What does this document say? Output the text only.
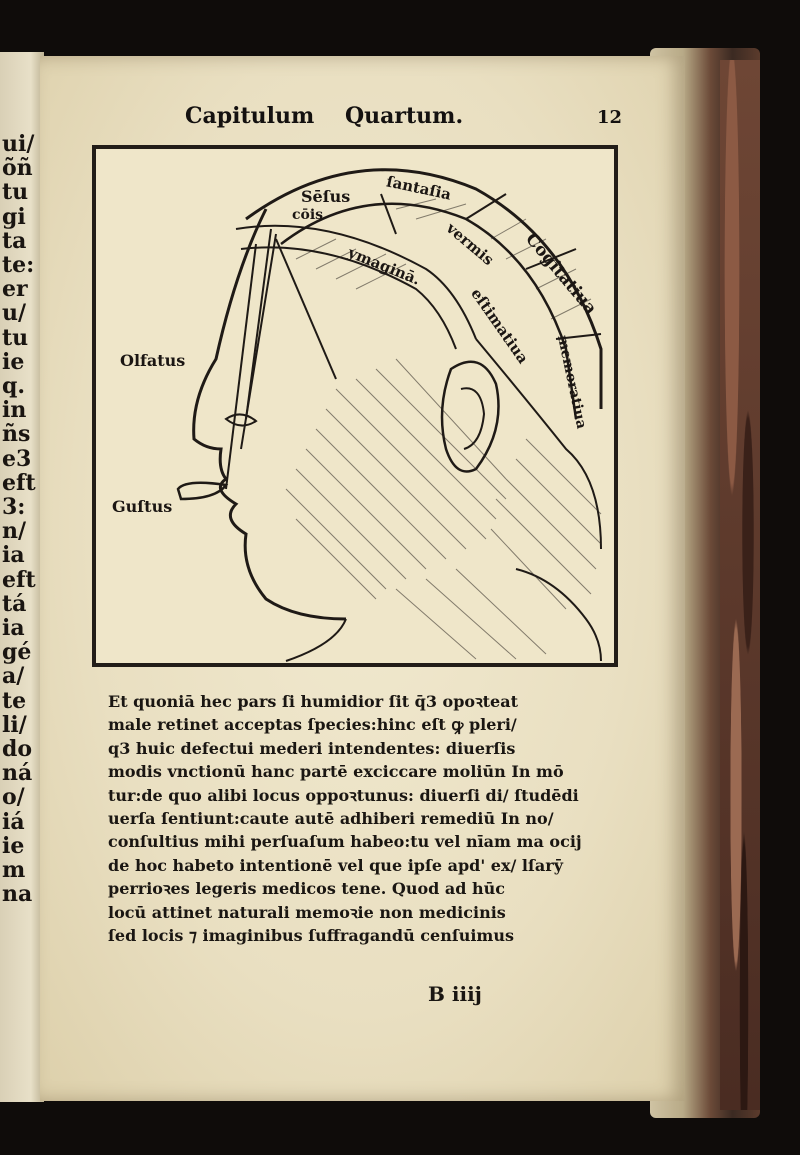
ui/
õñ
tu
gi
ta
te:
er
u/
tu
ie
q.
in
ñs
e3
eft
3:
n/
ia
eft
tá
ia
gé
a/
te
li/
do
ná
o/
iá
ie
m
na
Capitulum Quartum.	12
Sēſus
cōis
ſantaſia
ymaginā. vermis Cogitatiua
eſtimatiua
memoratiua
Olfatus
Guſtus
Et quoniā hec pars ſi humidior ſit q̄3 opoꝛteat
male retinet acceptas ſpecies:hinc eſt ꝙ pleri/
q3 huic defectui mederi intendentes: diuerſis
modis vnctionū hanc partē exciccare moliūn In mō
tur:de quo alibi locus oppoꝛtunus: diuerſi di/ ſtudēdi
uerſa ſentiunt:caute autē adhiberi remediū In no/
conſultius mihi perſuaſum habeo:tu vel nīam ma ocij
de hoc habeto intentionē vel que ipſe apd' ex/ lſarȳ
perrioꝛes legeris medicos tene. Quod ad hūc
locū attinet naturali memoꝛie non medicinis
ſed locis ⁊ imaginibus ſuffragandū cenſuimus
B iiij
